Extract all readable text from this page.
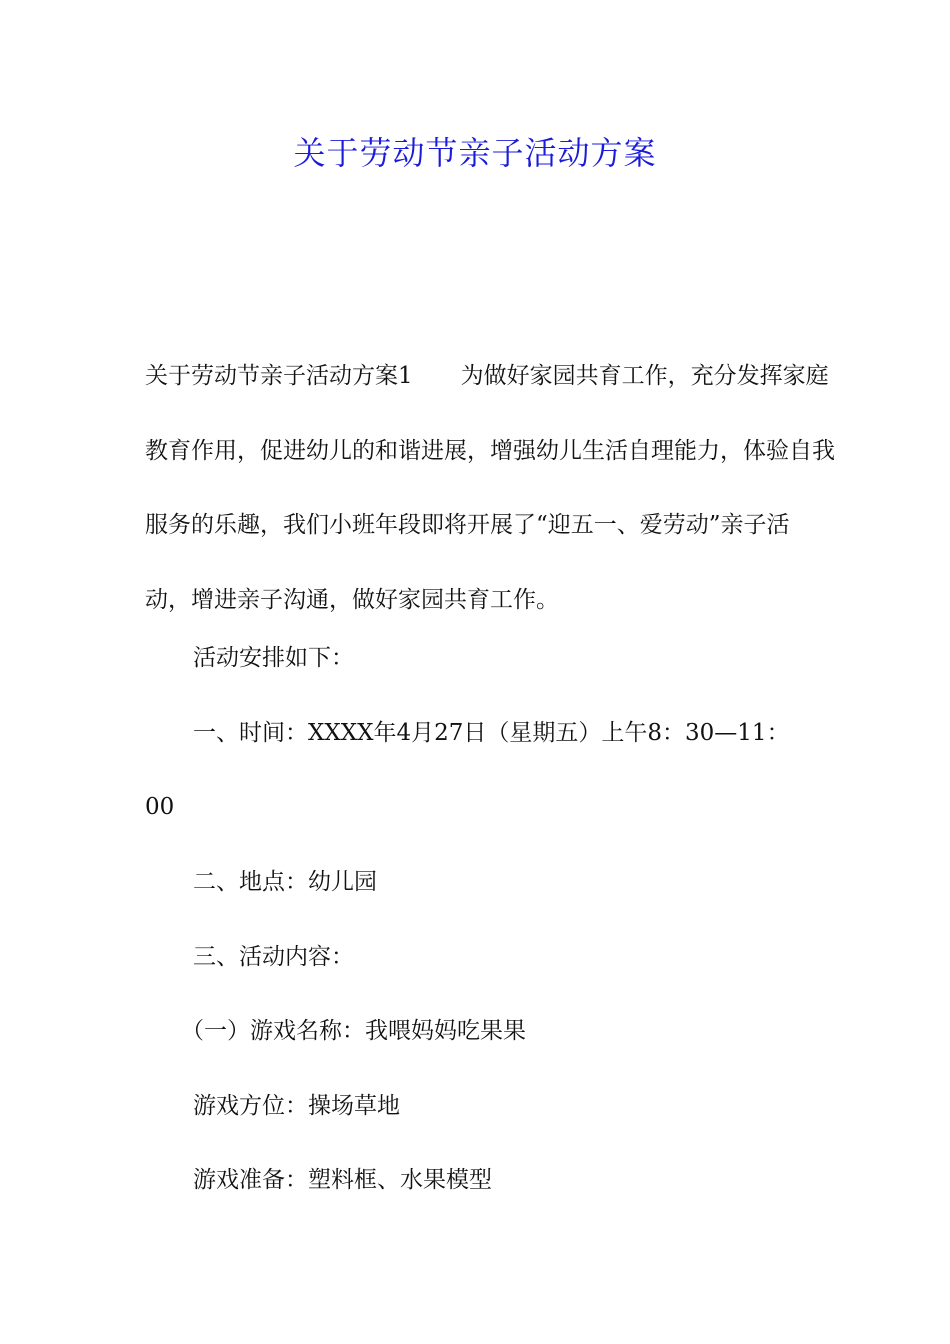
关于劳动节亲子活动方案

关于劳动节亲子活动方案1 为做好家园共育工作，充分发挥家庭教育作用，促进幼儿的和谐进展，增强幼儿生活自理能力，体验自我服务的乐趣，我们小班年段即将开展了“迎五一、爱劳动”亲子活动，增进亲子沟通，做好家园共育工作。

活动安排如下：
一、时间：XXXX年4月27日（星期五）上午8：30—11：
00
二、地点：幼儿园
三、活动内容：
（一）游戏名称：我喂妈妈吃果果
游戏方位：操场草地
游戏准备：塑料框、水果模型
